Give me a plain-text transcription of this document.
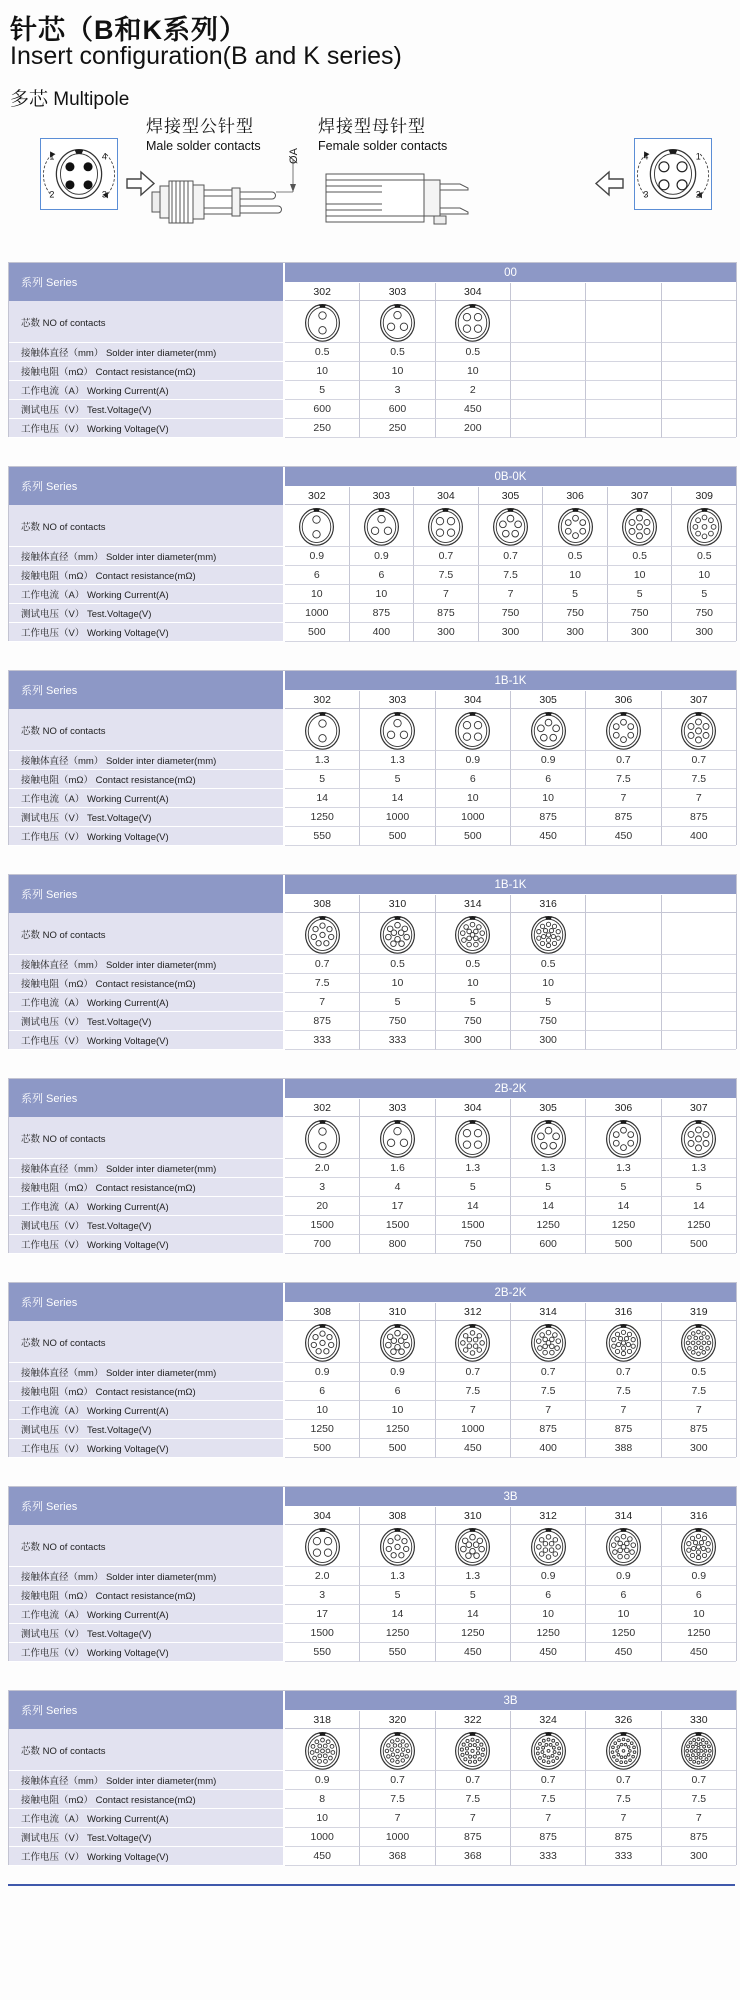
针芯（B和K系列）
Insert configuration(B and K series)
多芯 Multipole
1	4
2	3
焊接型公针型
Male solder contacts
ØA
焊接型母针型
Female solder contacts
4	1
3	2
系列 Series
00
302	303	304
芯数 NO of contacts
接触体直径（mm） Solder inter diameter(mm)	0.5	0.5	0.5
接触电阻（mΩ） Contact resistance(mΩ)	10	10	10
工作电流（A） Working Current(A)	5	3	2
测试电压（V） Test.Voltage(V)	600	600	450
工作电压（V） Working Voltage(V)	250	250	200
系列 Series
0B-0K
302	303	304	305	306	307	309
芯数 NO of contacts
接触体直径（mm） Solder inter diameter(mm)	0.9	0.9	0.7	0.7	0.5	0.5	0.5
接触电阻（mΩ） Contact resistance(mΩ)	6	6	7.5	7.5	10	10	10
工作电流（A） Working Current(A)	10	10	7	7	5	5	5
测试电压（V） Test.Voltage(V)	1000	875	875	750	750	750	750
工作电压（V） Working Voltage(V)	500	400	300	300	300	300	300
系列 Series
1B-1K
302	303	304	305	306	307
芯数 NO of contacts
接触体直径（mm） Solder inter diameter(mm)	1.3	1.3	0.9	0.9	0.7	0.7
接触电阻（mΩ） Contact resistance(mΩ)	5	5	6	6	7.5	7.5
工作电流（A） Working Current(A)	14	14	10	10	7	7
测试电压（V） Test.Voltage(V)	1250	1000	1000	875	875	875
工作电压（V） Working Voltage(V)	550	500	500	450	450	400
系列 Series
1B-1K
308	310	314	316
芯数 NO of contacts
接触体直径（mm） Solder inter diameter(mm)	0.7	0.5	0.5	0.5
接触电阻（mΩ） Contact resistance(mΩ)	7.5	10	10	10
工作电流（A） Working Current(A)	7	5	5	5
测试电压（V） Test.Voltage(V)	875	750	750	750
工作电压（V） Working Voltage(V)	333	333	300	300
系列 Series
2B-2K
302	303	304	305	306	307
芯数 NO of contacts
接触体直径（mm） Solder inter diameter(mm)	2.0	1.6	1.3	1.3	1.3	1.3
接触电阻（mΩ） Contact resistance(mΩ)	3	4	5	5	5	5
工作电流（A） Working Current(A)	20	17	14	14	14	14
测试电压（V） Test.Voltage(V)	1500	1500	1500	1250	1250	1250
工作电压（V） Working Voltage(V)	700	800	750	600	500	500
系列 Series
2B-2K
308	310	312	314	316	319
芯数 NO of contacts
接触体直径（mm） Solder inter diameter(mm)	0.9	0.9	0.7	0.7	0.7	0.5
接触电阻（mΩ） Contact resistance(mΩ)	6	6	7.5	7.5	7.5	7.5
工作电流（A） Working Current(A)	10	10	7	7	7	7
测试电压（V） Test.Voltage(V)	1250	1250	1000	875	875	875
工作电压（V） Working Voltage(V)	500	500	450	400	388	300
系列 Series
3B
304	308	310	312	314	316
芯数 NO of contacts
接触体直径（mm） Solder inter diameter(mm)	2.0	1.3	1.3	0.9	0.9	0.9
接触电阻（mΩ） Contact resistance(mΩ)	3	5	5	6	6	6
工作电流（A） Working Current(A)	17	14	14	10	10	10
测试电压（V） Test.Voltage(V)	1500	1250	1250	1250	1250	1250
工作电压（V） Working Voltage(V)	550	550	450	450	450	450
系列 Series
3B
318	320	322	324	326	330
芯数 NO of contacts
接触体直径（mm） Solder inter diameter(mm)	0.9	0.7	0.7	0.7	0.7	0.7
接触电阻（mΩ） Contact resistance(mΩ)	8	7.5	7.5	7.5	7.5	7.5
工作电流（A） Working Current(A)	10	7	7	7	7	7
测试电压（V） Test.Voltage(V)	1000	1000	875	875	875	875
工作电压（V） Working Voltage(V)	450	368	368	333	333	300
